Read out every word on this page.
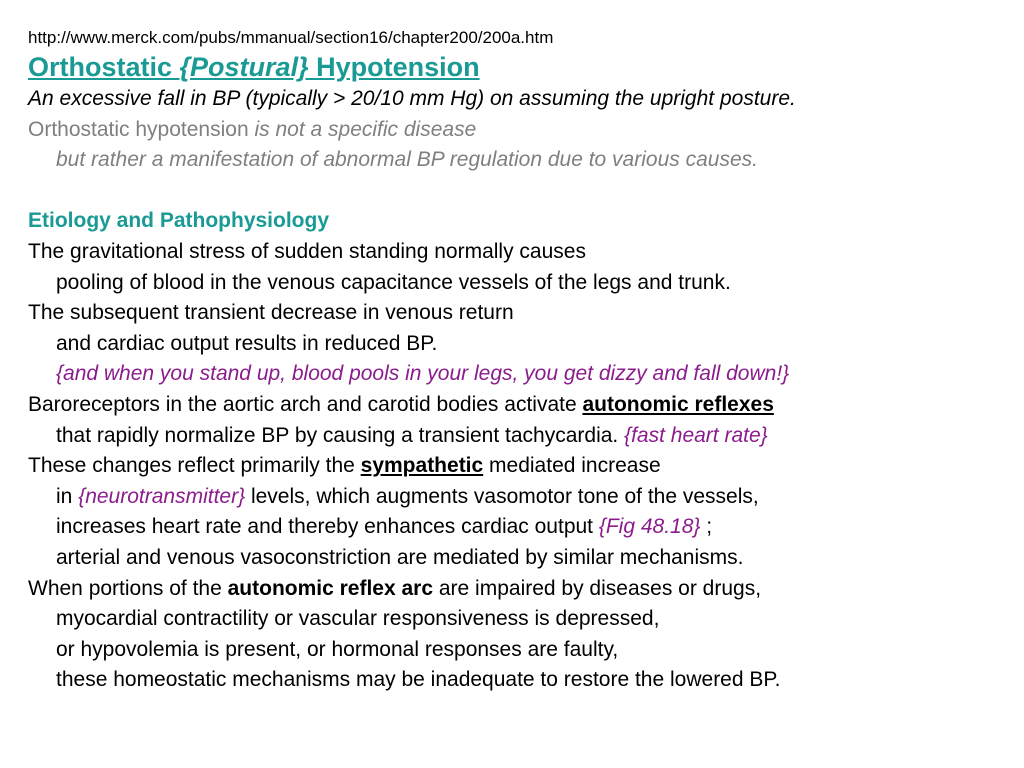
http://www.merck.com/pubs/mmanual/section16/chapter200/200a.htm
Orthostatic {Postural} Hypotension
An excessive fall in BP (typically > 20/10 mm Hg) on assuming the upright posture.
Orthostatic hypotension is not a specific disease
but rather a manifestation of abnormal BP regulation due to various causes.
Etiology and Pathophysiology
The gravitational stress of sudden standing normally causes
pooling of blood in the venous capacitance vessels of the legs and trunk.
The subsequent transient decrease in venous return
and cardiac output results in reduced BP.
{and when you stand up, blood pools in your legs, you get dizzy and fall down!}
Baroreceptors in the aortic arch and carotid bodies activate autonomic reflexes
that rapidly normalize BP by causing a transient tachycardia. {fast heart rate}
These changes reflect primarily the sympathetic mediated increase
in {neurotransmitter} levels, which augments vasomotor tone of the vessels,
increases heart rate and thereby enhances cardiac output {Fig 48.18} ;
arterial and venous vasoconstriction are mediated by similar mechanisms.
When portions of the autonomic reflex arc are impaired by diseases or drugs,
myocardial contractility or vascular responsiveness is depressed,
or hypovolemia is present, or hormonal responses are faulty,
these homeostatic mechanisms may be inadequate to restore the lowered BP.
